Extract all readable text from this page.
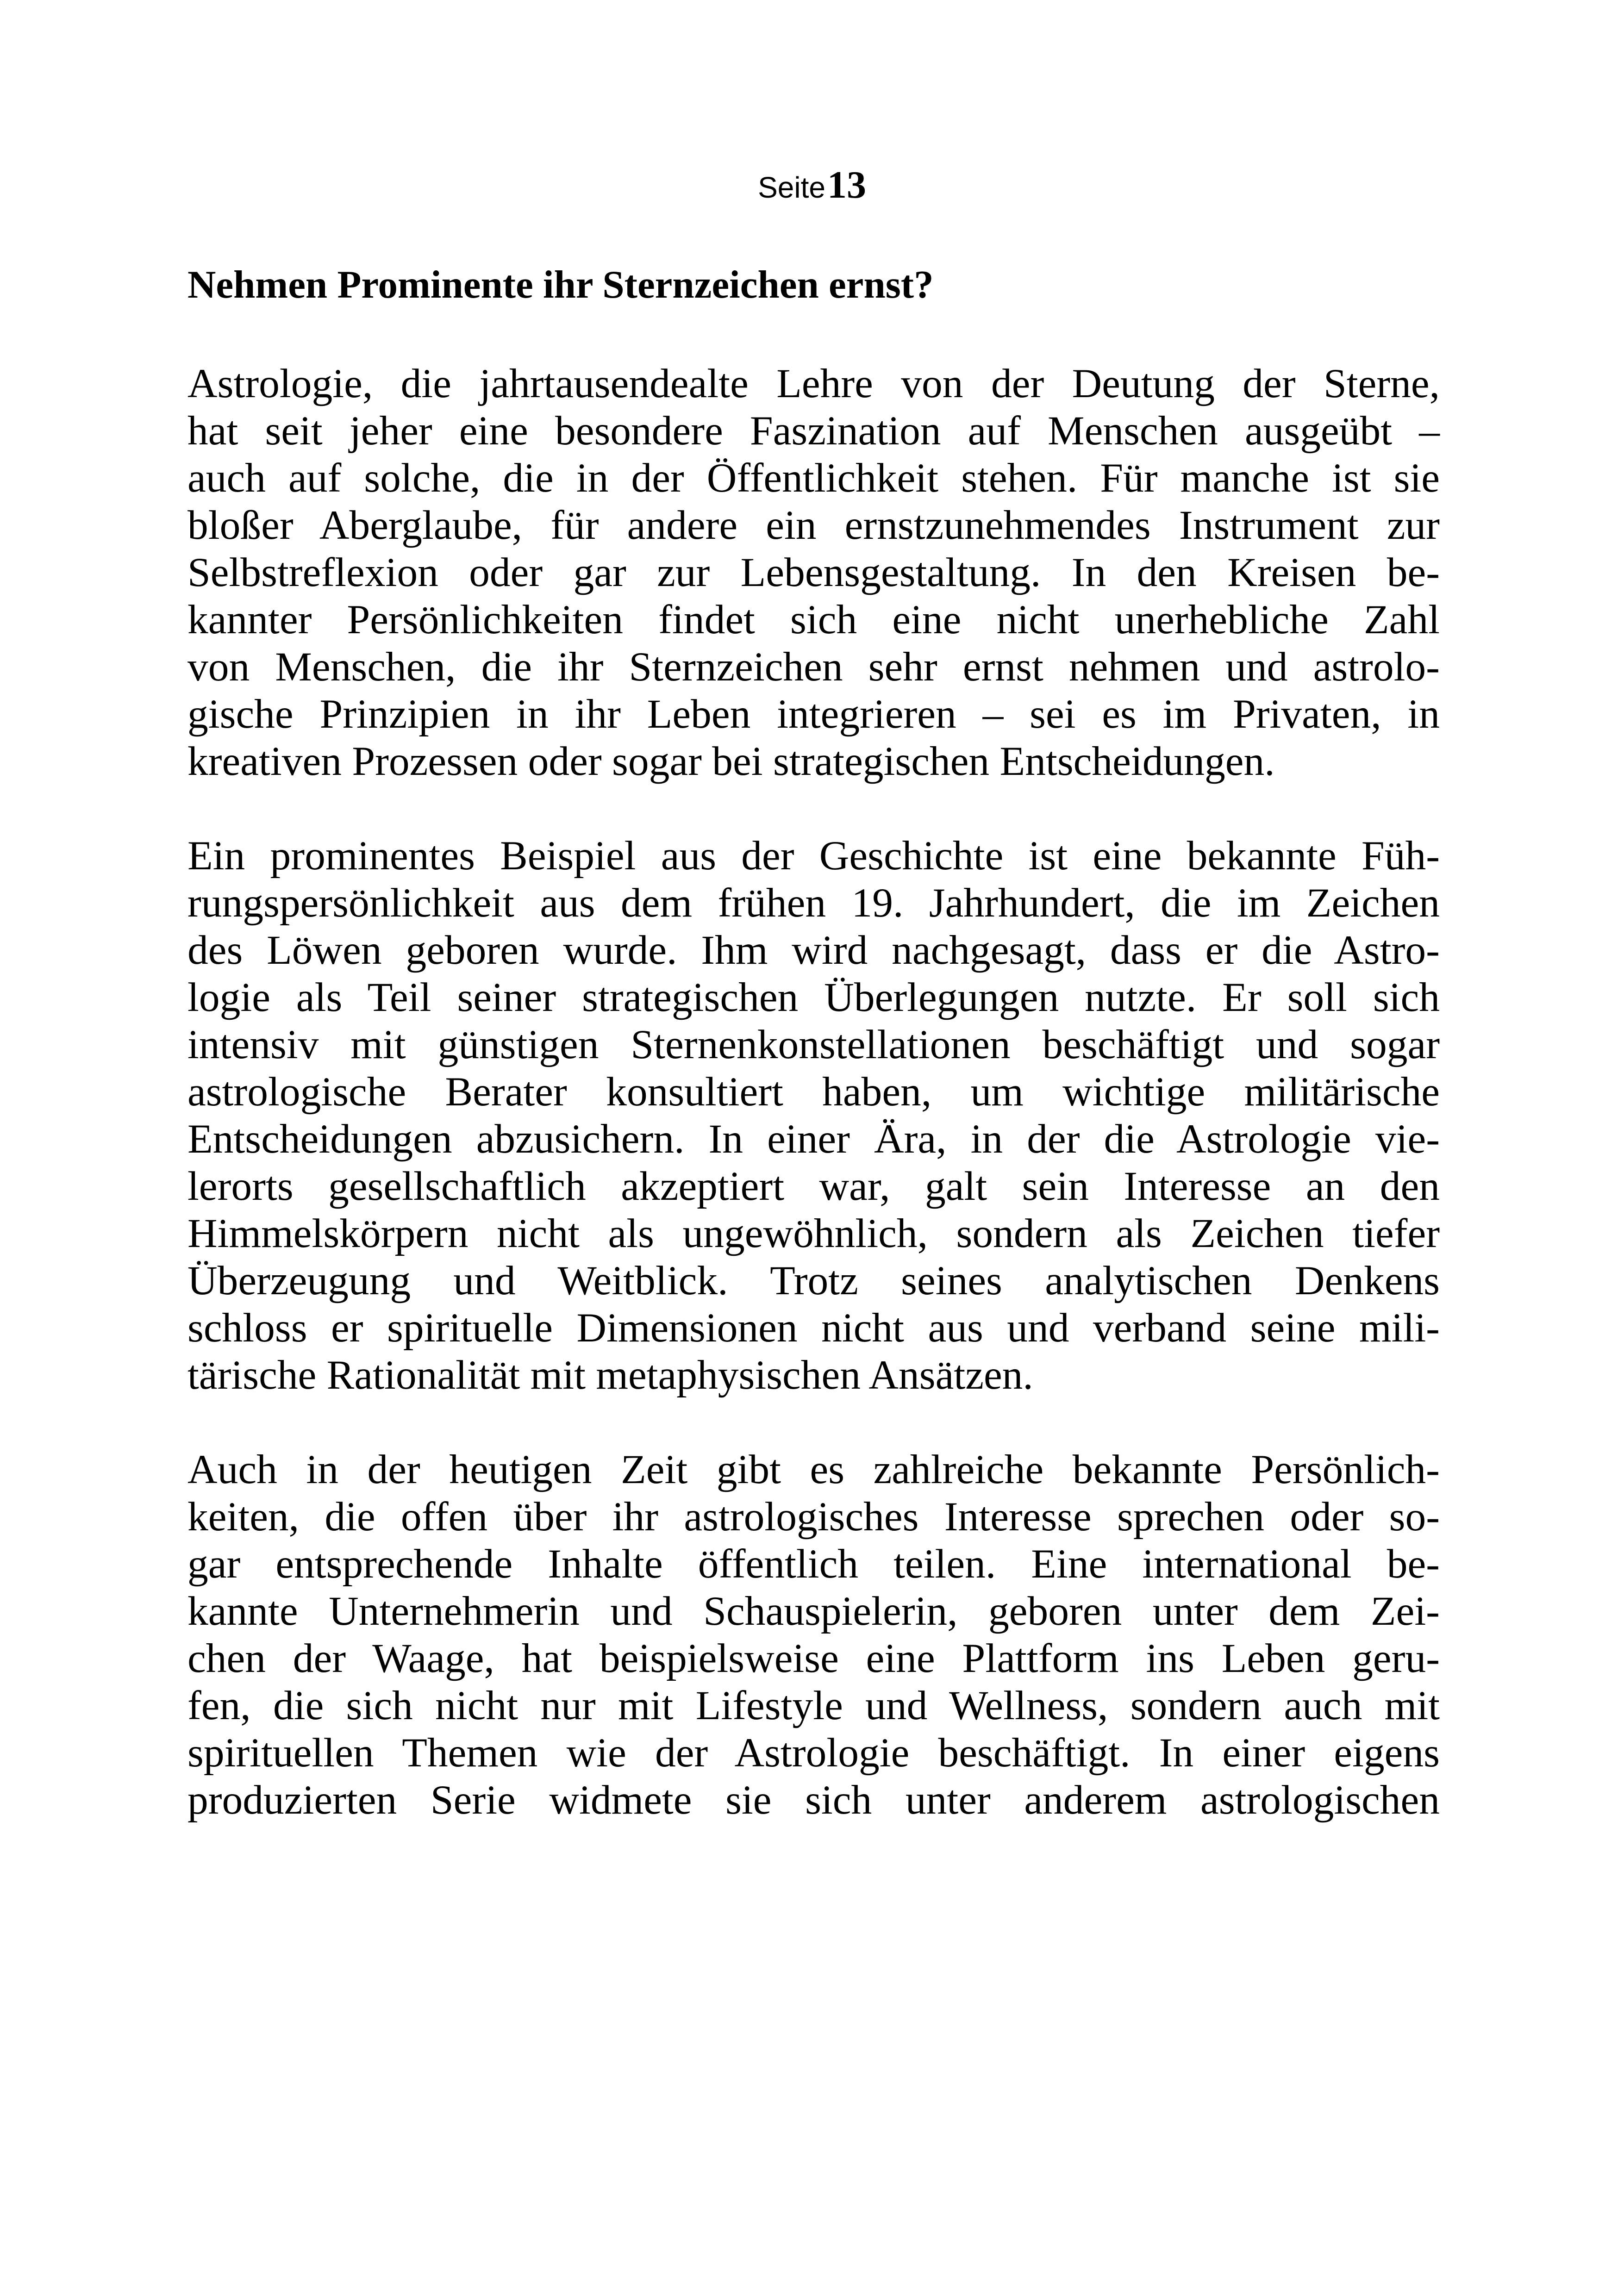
Seite 13
Nehmen Prominente ihr Sternzeichen ernst?

Astrologie, die jahrtausendealte Lehre von der Deutung der Sterne,
hat seit jeher eine besondere Faszination auf Menschen ausgeübt –
auch auf solche, die in der Öffentlichkeit stehen. Für manche ist sie
bloßer Aberglaube, für andere ein ernstzunehmendes Instrument zur
Selbstreflexion oder gar zur Lebensgestaltung. In den Kreisen be-
kannter Persönlichkeiten findet sich eine nicht unerhebliche Zahl
von Menschen, die ihr Sternzeichen sehr ernst nehmen und astrolo-
gische Prinzipien in ihr Leben integrieren – sei es im Privaten, in
kreativen Prozessen oder sogar bei strategischen Entscheidungen.

Ein prominentes Beispiel aus der Geschichte ist eine bekannte Füh-
rungspersönlichkeit aus dem frühen 19. Jahrhundert, die im Zeichen
des Löwen geboren wurde. Ihm wird nachgesagt, dass er die Astro-
logie als Teil seiner strategischen Überlegungen nutzte. Er soll sich
intensiv mit günstigen Sternenkonstellationen beschäftigt und sogar
astrologische Berater konsultiert haben, um wichtige militärische
Entscheidungen abzusichern. In einer Ära, in der die Astrologie vie-
lerorts gesellschaftlich akzeptiert war, galt sein Interesse an den
Himmelskörpern nicht als ungewöhnlich, sondern als Zeichen tiefer
Überzeugung und Weitblick. Trotz seines analytischen Denkens
schloss er spirituelle Dimensionen nicht aus und verband seine mili-
tärische Rationalität mit metaphysischen Ansätzen.

Auch in der heutigen Zeit gibt es zahlreiche bekannte Persönlich-
keiten, die offen über ihr astrologisches Interesse sprechen oder so-
gar entsprechende Inhalte öffentlich teilen. Eine international be-
kannte Unternehmerin und Schauspielerin, geboren unter dem Zei-
chen der Waage, hat beispielsweise eine Plattform ins Leben geru-
fen, die sich nicht nur mit Lifestyle und Wellness, sondern auch mit
spirituellen Themen wie der Astrologie beschäftigt. In einer eigens
produzierten Serie widmete sie sich unter anderem astrologischen
